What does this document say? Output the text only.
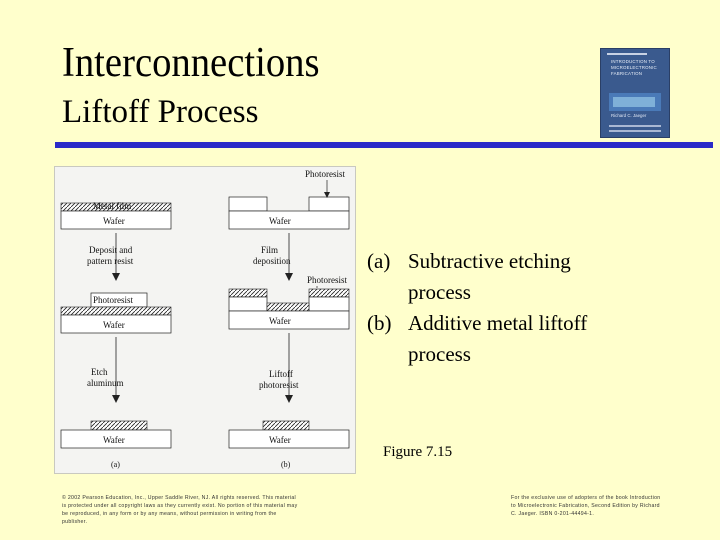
Interconnections
Liftoff Process
INTRODUCTION TO
MICROELECTRONIC
FABRICATION
Richard C. Jaeger
Metal film
Wafer
Deposit and
pattern resist
Photoresist
Wafer
Etch
aluminum
Wafer
(a)
Photoresist
Wafer
Film
deposition
Photoresist
Wafer
Liftoff
photoresist
Wafer
(b)
(a) Subtractive etching
process
(b) Additive metal liftoff
process
Figure 7.15
© 2002 Pearson Education, Inc., Upper Saddle River, NJ. All rights reserved. This material is protected under all copyright laws as they currently exist. No portion of this material may be reproduced, in any form or by any means, without permission in writing from the publisher.
For the exclusive use of adopters of the book Introduction to Microelectronic Fabrication, Second Edition by Richard C. Jaeger. ISBN 0-201-44494-1.
